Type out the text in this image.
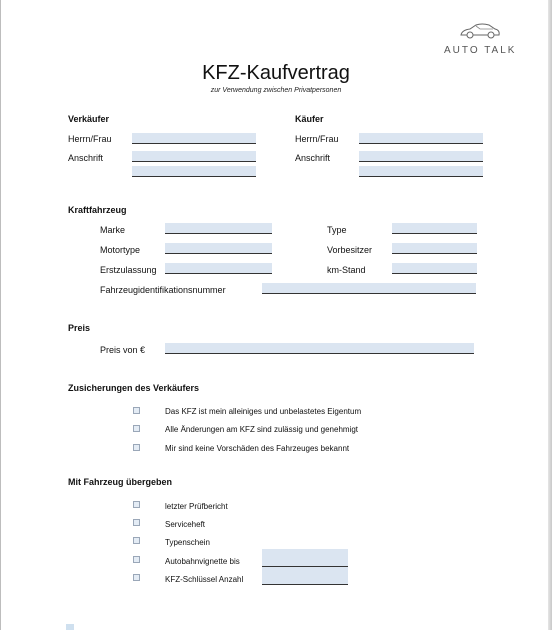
AUTO TALK
KFZ-Kaufvertrag
zur Verwendung zwischen Privatpersonen
Verkäufer
Herrn/Frau
Anschrift
Käufer
Herrn/Frau
Anschrift
Kraftfahrzeug
Marke	Type
Motortype	Vorbesitzer
Erstzulassung	km-Stand
Fahrzeugidentifikationsnummer
Preis
Preis von €
Zusicherungen des Verkäufers
Das KFZ ist mein alleiniges und unbelastetes Eigentum
Alle Änderungen am KFZ sind zulässig und genehmigt
Mir sind keine Vorschäden des Fahrzeuges bekannt
Mit Fahrzeug übergeben
letzter Prüfbericht
Serviceheft
Typenschein
Autobahnvignette bis
KFZ-Schlüssel Anzahl
